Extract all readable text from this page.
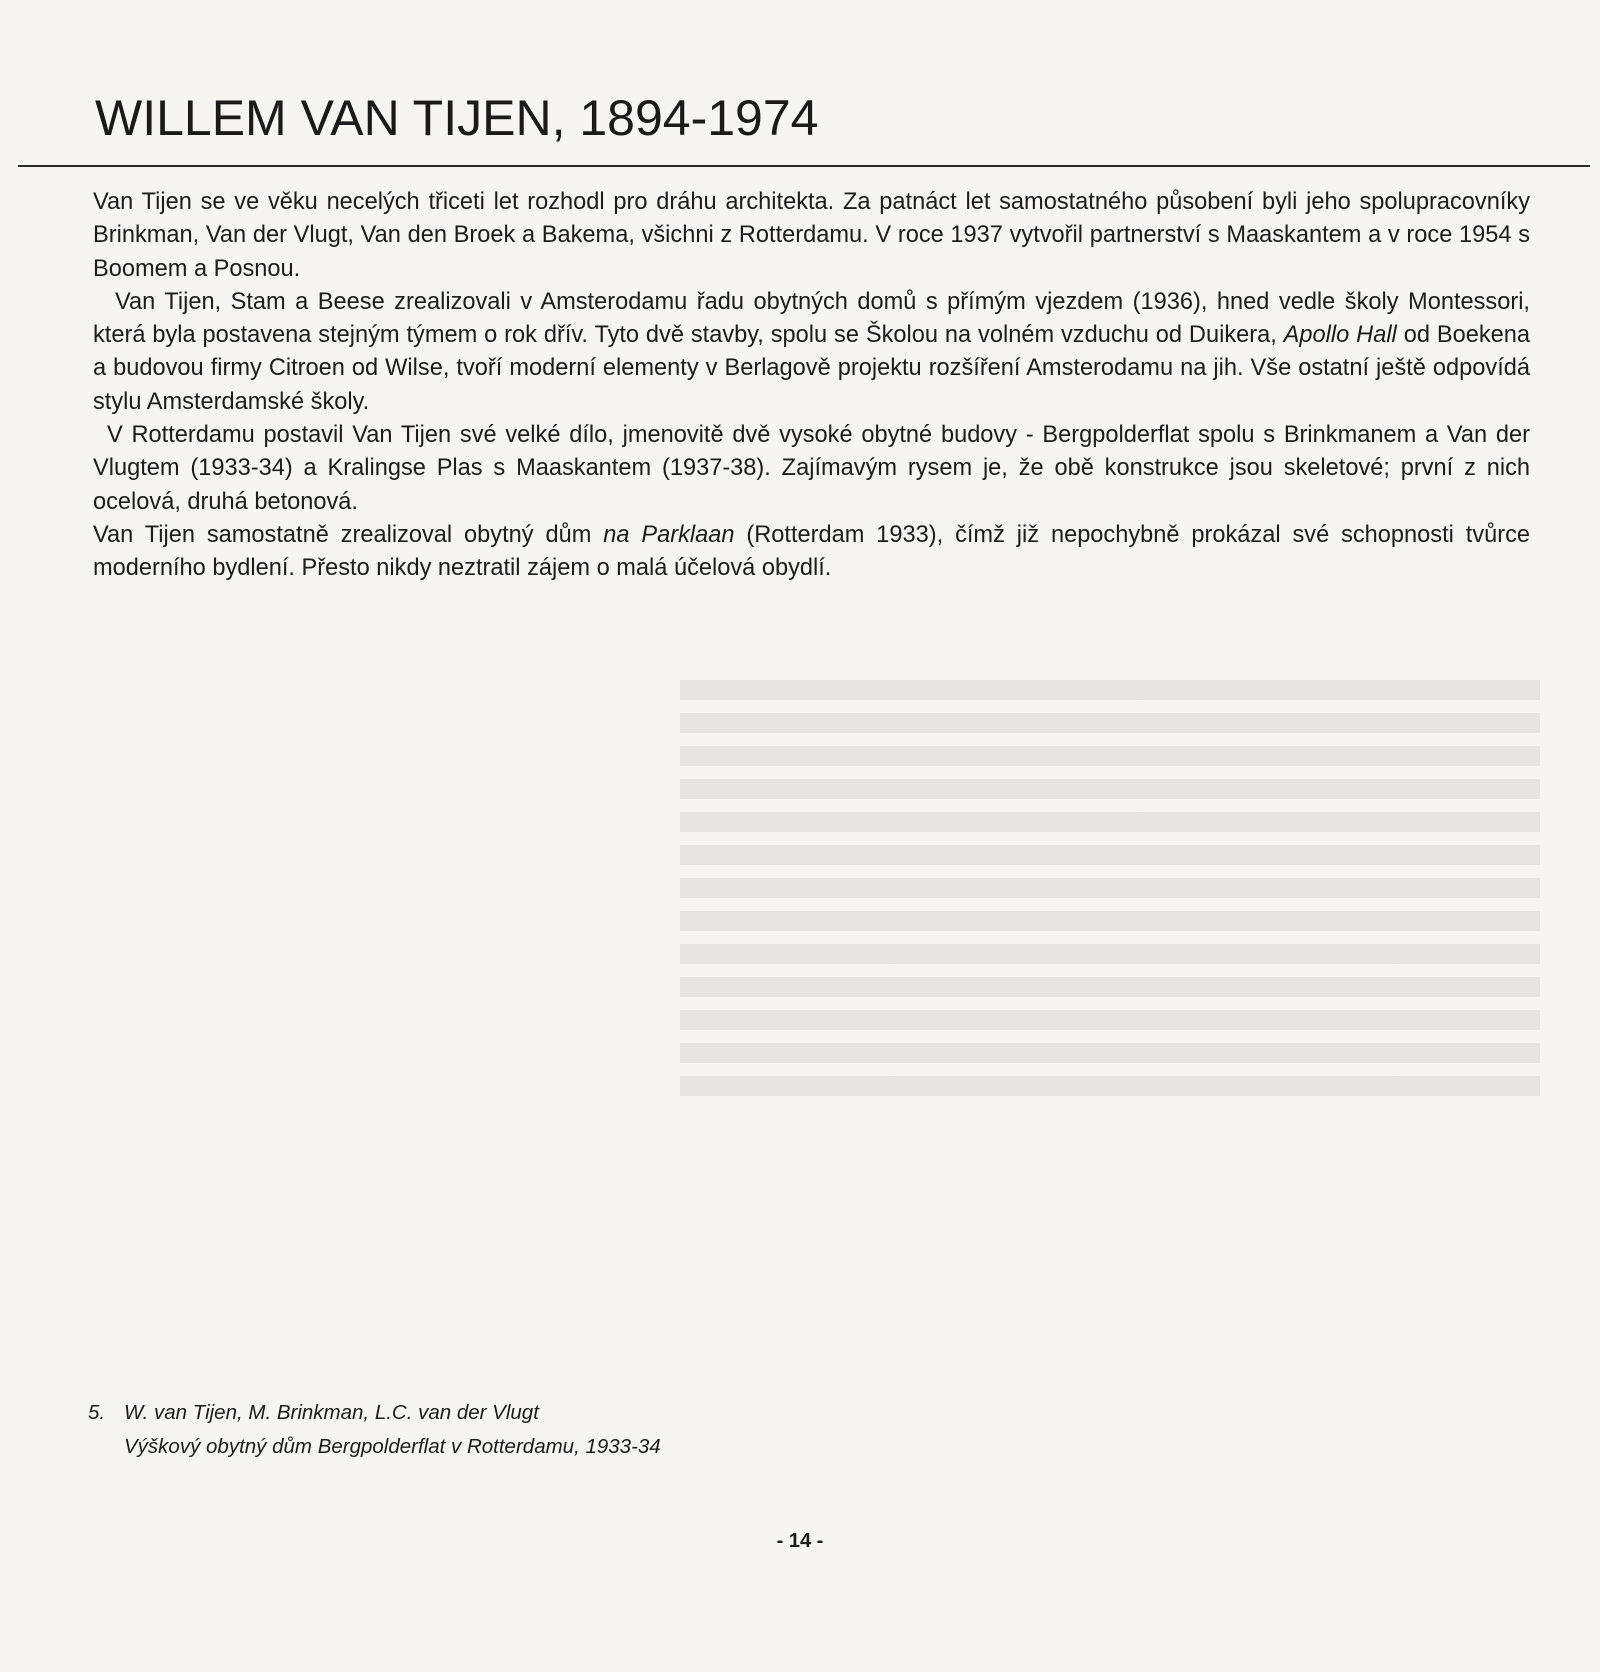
WILLEM VAN TIJEN, 1894-1974

Van Tijen se ve věku necelých třiceti let rozhodl pro dráhu architekta. Za patnáct let samostatného působení byli jeho spolupracovníky Brinkman, Van der Vlugt, Van den Broek a Bakema, všichni z Rotterdamu. V roce 1937 vytvořil partnerství s Maaskantem a v roce 1954 s Boomem a Posnou.

Van Tijen, Stam a Beese zrealizovali v Amsterodamu řadu obytných domů s přímým vjezdem (1936), hned vedle školy Montessori, která byla postavena stejným týmem o rok dřív. Tyto dvě stavby, spolu se Školou na volném vzduchu od Duikera, Apollo Hall od Boekena a budovou firmy Citroen od Wilse, tvoří moderní elementy v Berlagově projektu rozšíření Amsterodamu na jih. Vše ostatní ještě odpovídá stylu Amsterdamské školy.

V Rotterdamu postavil Van Tijen své velké dílo, jmenovitě dvě vysoké obytné budovy - Bergpolderflat spolu s Brinkmanem a Van der Vlugtem (1933-34) a Kralingse Plas s Maaskantem (1937-38). Zajímavým rysem je, že obě konstrukce jsou skeletové; první z nich ocelová, druhá betonová.

Van Tijen samostatně zrealizoval obytný dům na Parklaan (Rotterdam 1933), čímž již nepochybně prokázal své schopnosti tvůrce moderního bydlení. Přesto nikdy neztratil zájem o malá účelová obydlí.

5. W. van Tijen, M. Brinkman, L.C. van der Vlugt
Výškový obytný dům Bergpolderflat v Rotterdamu, 1933-34
- 14 -
